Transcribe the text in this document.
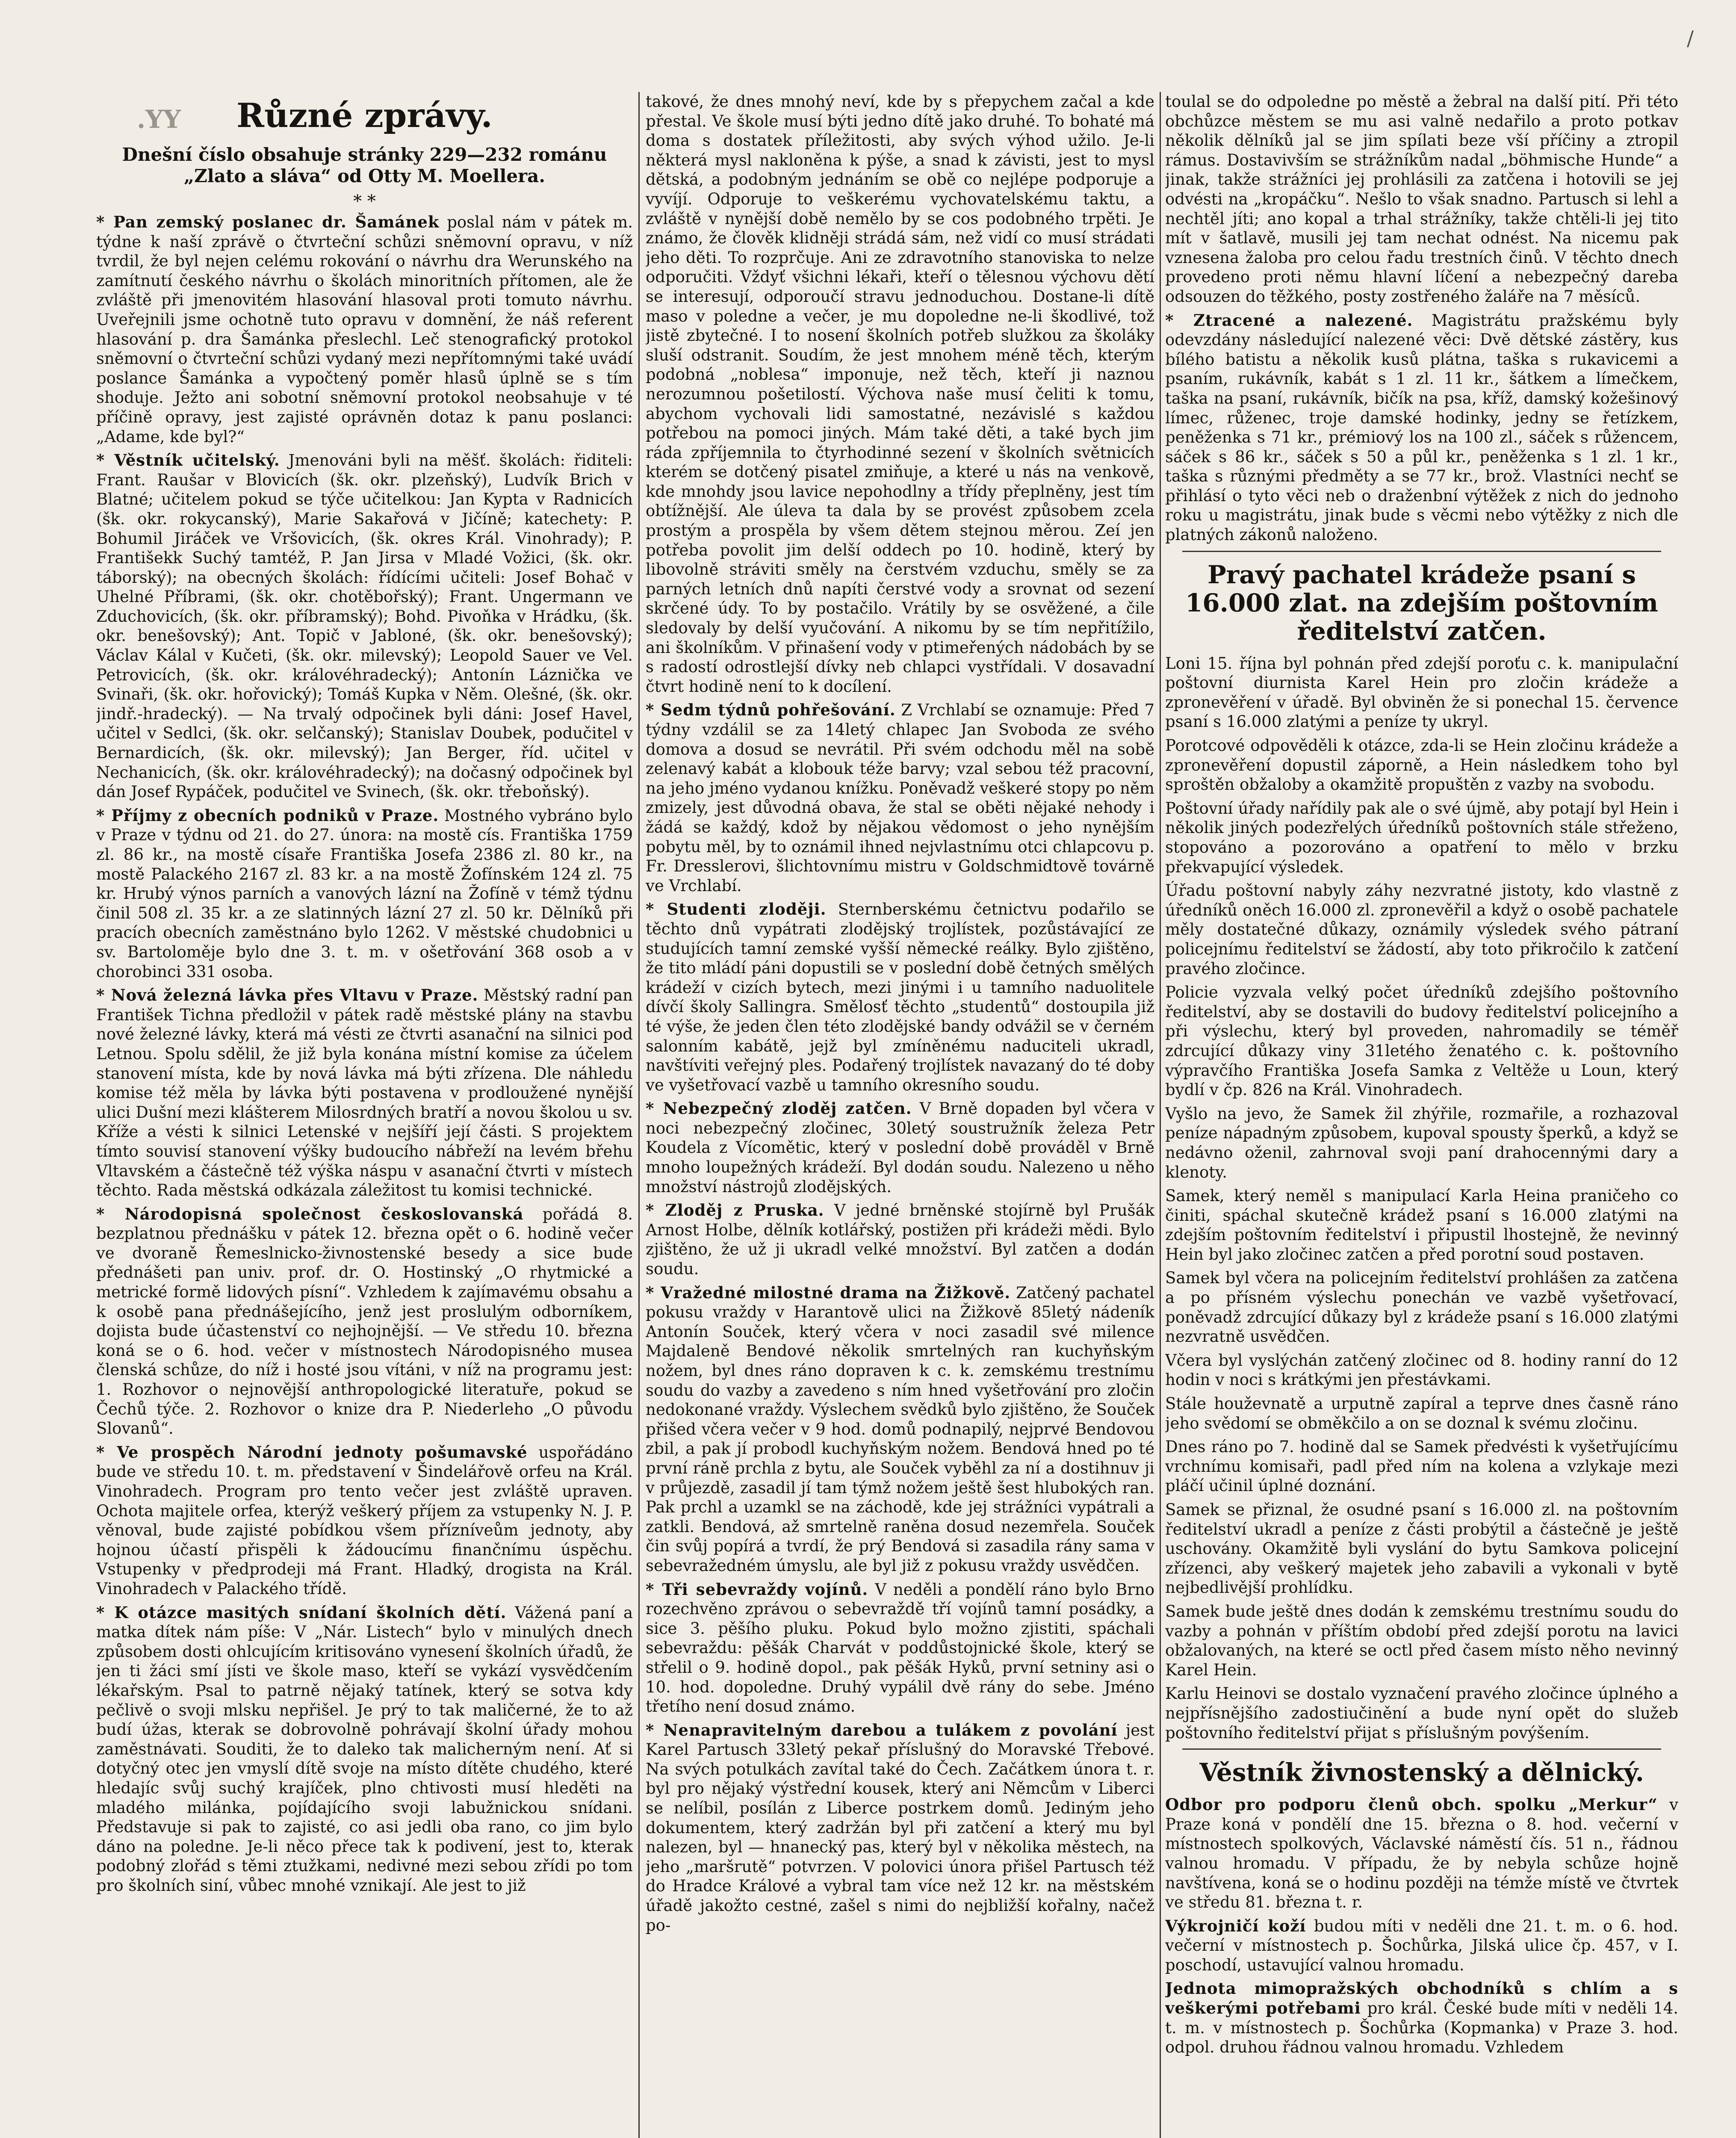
/
.YY	Různé zprávy.
Dnešní číslo obsahuje stránky 229—232 románu „Zlato a sláva“ od Otty M. Moellera.
* *

* Pan zemský poslanec dr. Šamánek poslal nám v pátek m. týdne k naší zprávě o čtvrteční schůzi sněmovní opravu, v níž tvrdil, že byl nejen celému rokování o návrhu dra Werunského na zamítnutí českého návrhu o školách minoritních přítomen, ale že zvláště při jmenovitém hlasování hlasoval proti tomuto návrhu. Uveřejnili jsme ochotně tuto opravu v domnění, že náš referent hlasování p. dra Šamánka přeslechl. Leč stenografický protokol sněmovní o čtvrteční schůzi vydaný mezi nepřítomnými také uvádí poslance Šamánka a vypočtený poměr hlasů úplně se s tím shoduje. Ježto ani sobotní sněmovní protokol neobsahuje v té příčině opravy, jest zajisté oprávněn dotaz k panu poslanci: „Adame, kde byl?“

* Věstník učitelský. Jmenováni byli na měšť. školách: řiditeli: Frant. Raušar v Blovicích (šk. okr. plzeňský), Ludvík Brich v Blatné; učitelem pokud se týče učitelkou: Jan Kypta v Radnicích (šk. okr. rokycanský), Marie Sakařová v Jičíně; katechety: P. Bohumil Jiráček ve Vršovicích, (šk. okres Král. Vinohrady); P. Františekk Suchý tamtéž, P. Jan Jirsa v Mladé Vožici, (šk. okr. táborský); na obecných školách: řídícími učiteli: Josef Bohač v Uhelné Příbrami, (šk. okr. chotěbořský); Frant. Ungermann ve Zduchovicích, (šk. okr. příbramský); Bohd. Pivoňka v Hrádku, (šk. okr. benešovský); Ant. Topič v Jabloné, (šk. okr. benešovský); Václav Kálal v Kučeti, (šk. okr. milevský); Leopold Sauer ve Vel. Petrovicích, (šk. okr. královéhradecký); Antonín Láznička ve Svinaři, (šk. okr. hořovický); Tomáš Kupka v Něm. Olešné, (šk. okr. jindř.-hradecký). — Na trvalý odpočinek byli dáni: Josef Havel, učitel v Sedlci, (šk. okr. selčanský); Stanislav Doubek, podučitel v Bernardicích, (šk. okr. milevský); Jan Berger, říd. učitel v Nechanicích, (šk. okr. královéhradecký); na dočasný odpočinek byl dán Josef Rypáček, podučitel ve Svinech, (šk. okr. třeboňský).

* Příjmy z obecních podniků v Praze. Mostného vybráno bylo v Praze v týdnu od 21. do 27. února: na mostě cís. Františka 1759 zl. 86 kr., na mostě císaře Františka Josefa 2386 zl. 80 kr., na mostě Palackého 2167 zl. 83 kr. a na mostě Žofínském 124 zl. 75 kr. Hrubý výnos parních a vanových lázní na Žofíně v témž týdnu činil 508 zl. 35 kr. a ze slatinných lázní 27 zl. 50 kr. Dělníků při pracích obecních zaměstnáno bylo 1262. V městské chudobnici u sv. Bartoloměje bylo dne 3. t. m. v ošetřování 368 osob a v chorobinci 331 osoba.

* Nová železná lávka přes Vltavu v Praze. Městský radní pan František Tichna předložil v pátek radě městské plány na stavbu nové železné lávky, která má vésti ze čtvrti asanační na silnici pod Letnou. Spolu sdělil, že již byla konána místní komise za účelem stanovení místa, kde by nová lávka má býti zřízena. Dle náhledu komise též měla by lávka býti postavena v prodloužené nynější ulici Dušní mezi klášterem Milosrdných bratří a novou školou u sv. Kříže a vésti k silnici Letenské v nejšíří její části. S projektem tímto souvisí stanovení výšky budoucího nábřeží na levém břehu Vltavském a částečně též výška náspu v asanační čtvrti v místech těchto. Rada městská odkázala záležitost tu komisi technické.

* Národopisná společnost českoslovanská pořádá 8. bezplatnou přednášku v pátek 12. března opět o 6. hodině večer ve dvoraně Řemeslnicko-živnostenské besedy a sice bude přednášeti pan univ. prof. dr. O. Hostinský „O rhytmické a metrické formě lidových písní“. Vzhledem k zajímavému obsahu a k osobě pana přednášejícího, jenž jest proslulým odborníkem, dojista bude účastenství co nejhojnější. — Ve středu 10. března koná se o 6. hod. večer v místnostech Národopisného musea členská schůze, do níž i hosté jsou vítáni, v níž na programu jest: 1. Rozhovor o nejnovější anthropologické literatuře, pokud se Čechů týče. 2. Rozhovor o knize dra P. Niederleho „O původu Slovanů“.

* Ve prospěch Národní jednoty pošumavské uspořádáno bude ve středu 10. t. m. představení v Šindelářově orfeu na Král. Vinohradech. Program pro tento večer jest zvláště upraven. Ochota majitele orfea, kterýž veškerý příjem za vstupenky N. J. P. věnoval, bude zajisté pobídkou všem přízníveům jednoty, aby hojnou účastí přispěli k žádoucímu finančnímu úspěchu. Vstupenky v předprodeji má Frant. Hladký, drogista na Král. Vinohradech v Palackého třídě.

* K otázce masitých snídaní školních dětí. Vážená paní a matka dítek nám píše: V „Nár. Listech“ bylo v minulých dnech způsobem dosti ohlcujícím kritisováno vynesení školních úřadů, že jen ti žáci smí jísti ve škole maso, kteří se vykází vysvědčením lékařským. Psal to patrně nějaký tatínek, který se sotva kdy pečlivě o svoji mlsku nepřišel. Je prý to tak maličerné, že to až budí úžas, kterak se dobrovolně pohrávají školní úřady mohou zaměstnávati. Souditi, že to daleko tak malicherným není. Ať si dotyčný otec jen vmyslí dítě svoje na místo dítěte chudého, které hledajíc svůj suchý krajíček, plno chtivosti musí hleděti na mladého milánka, pojídajícího svoji labužnickou snídani. Představuje si pak to zajisté, co asi jedli oba rano, co jim bylo dáno na poledne. Je-li něco přece tak k podivení, jest to, kterak podobný zlořád s těmi ztužkami, nedivné mezi sebou zřídi po tom pro školních siní, vůbec mnohé vznikají. Ale jest to již

takové, že dnes mnohý neví, kde by s přepychem začal a kde přestal. Ve škole musí býti jedno dítě jako druhé. To bohaté má doma s dostatek příležitosti, aby svých výhod užilo. Je-li některá mysl nakloněna k pýše, a snad k závisti, jest to mysl dětská, a podobným jednáním se obě co nejlépe podporuje a vyvíjí. Odporuje to veškerému vychovatelskému taktu, a zvláště v nynější době nemělo by se cos podobného trpěti. Je známo, že člověk klidněji strádá sám, než vidí co musí strádati jeho děti. To rozprčuje. Ani ze zdravotního stanoviska to nelze odporučiti. Vždyť všichni lékaři, kteří o tělesnou výchovu dětí se interesují, odporoučí stravu jednoduchou. Dostane-li dítě maso v poledne a večer, je mu dopoledne ne-li škodlivé, tož jistě zbytečné. I to nosení školních potřeb služkou za školáky sluší odstranit. Soudím, že jest mnohem méně těch, kterým podobná „noblesa“ imponuje, než těch, kteří ji naznou nerozumnou pošetilostí. Výchova naše musí čeliti k tomu, abychom vychovali lidi samostatné, nezávislé s každou potřebou na pomoci jiných. Mám také děti, a také bych jim ráda zpříjemnila to čtyrhodinné sezení v školních světnicích kterém se dotčený pisatel zmiňuje, a které u nás na venkově, kde mnohdy jsou lavice nepohodlny a třídy přeplněny, jest tím obtížnější. Ale úleva ta dala by se provést způsobem zcela prostým a prospěla by všem dětem stejnou měrou. Zeí jen potřeba povolit jim delší oddech po 10. hodině, který by libovolně stráviti směly na čerstvém vzduchu, směly se za parných letních dnů napíti čerstvé vody a srovnat od sezení skrčené údy. To by postačilo. Vrátily by se osvěžené, a čile sledovaly by delší vyučování. A nikomu by se tím nepřitížilo, ani školníkům. V přinašení vody v ptimeřených nádobách by se s radostí odrostlejší dívky neb chlapci vystřídali. V dosavadní čtvrt hodině není to k docílení.

* Sedm týdnů pohřešování. Z Vrchlabí se oznamuje: Před 7 týdny vzdálil se za 14letý chlapec Jan Svoboda ze svého domova a dosud se nevrátil. Při svém odchodu měl na sobě zelenavý kabát a klobouk téže barvy; vzal sebou též pracovní, na jeho jméno vydanou knížku. Poněvadž veškeré stopy po něm zmizely, jest důvodná obava, že stal se oběti nějaké nehody i žádá se každý, kdož by nějakou vědomost o jeho nynějším pobytu měl, by to oznámil ihned nejvlastnímu otci chlapcovu p. Fr. Dresslerovi, šlichtovnímu mistru v Goldschmidtově továrně ve Vrchlabí.

* Studenti zloději. Sternberskému četnictvu podařilo se těchto dnů vypátrati zlodějský trojlístek, pozůstávající ze studujících tamní zemské vyšší německé reálky. Bylo zjištěno, že tito mládí páni dopustili se v poslední době četných smělých krádeží v cizích bytech, mezi jinými i u tamního naduolitele dívčí školy Sallingra. Smělosť těchto „studentů“ dostoupila již té výše, že jeden člen této zlodějské bandy odvážil se v černém salonním kabátě, jejž byl zmíněnému naduciteli ukradl, navštíviti veřejný ples. Podařený trojlístek navazaný do té doby ve vyšetřovací vazbě u tamního okresního soudu.

* Nebezpečný zloděj zatčen. V Brně dopaden byl včera v noci nebezpečný zločinec, 30letý soustružník železa Petr Koudela z Vícomětic, který v poslední době prováděl v Brně mnoho loupežných krádeží. Byl dodán soudu. Nalezeno u něho množství nástrojů zlodějských.

* Zloděj z Pruska. V jedné brněnské stojírně byl Prušák Arnost Holbe, dělník kotlářský, postižen při krádeži mědi. Bylo zjištěno, že už ji ukradl velké množství. Byl zatčen a dodán soudu.

* Vražedné milostné drama na Žižkově. Zatčený pachatel pokusu vraždy v Harantově ulici na Žižkově 85letý nádeník Antonín Souček, který včera v noci zasadil své milence Majdaleně Bendové několik smrtelných ran kuchyňským nožem, byl dnes ráno dopraven k c. k. zemskému trestnímu soudu do vazby a zavedeno s ním hned vyšetřování pro zločin nedokonané vraždy. Výslechem svědků bylo zjištěno, že Souček přišed včera večer v 9 hod. domů podnapilý, nejprvé Bendovou zbil, a pak jí probodl kuchyňským nožem. Bendová hned po té první ráně prchla z bytu, ale Souček vyběhl za ní a dostihnuv ji v průjezdě, zasadil jí tam týmž nožem ještě šest hlubokých ran. Pak prchl a uzamkl se na záchodě, kde jej strážníci vypátrali a zatkli. Bendová, až smrtelně raněna dosud nezemřela. Souček čin svůj popírá a tvrdí, že prý Bendová si zasadila rány sama v sebevražedném úmyslu, ale byl již z pokusu vraždy usvědčen.

* Tři sebevraždy vojínů. V neděli a pondělí ráno bylo Brno rozechvěno zprávou o sebevraždě tří vojínů tamní posádky, a sice 3. pěšího pluku. Pokud bylo možno zjistiti, spáchali sebevraždu: pěšák Charvát v poddůstojnické škole, který se střelil o 9. hodině dopol., pak pěšák Hyků, první setniny asi o 10. hod. dopoledne. Druhý vypálil dvě rány do sebe. Jméno třetího není dosud známo.

* Nenapravitelným darebou a tulákem z povolání jest Karel Partusch 33letý pekař příslušný do Moravské Třebové. Na svých potulkách zavítal také do Čech. Začátkem února t. r. byl pro nějaký výstřední kousek, který ani Němcům v Liberci se nelíbil, posílán z Liberce postrkem domů. Jediným jeho dokumentem, který zadržán byl při zatčení a který mu byl nalezen, byl — hnanecký pas, který byl v několika městech, na jeho „maršrutě“ potvrzen. V polovici února přišel Partusch též do Hradce Králové a vybral tam více než 12 kr. na městském úřadě jakožto cestné, zašel s nimi do nejbližší kořalny, načež po-

toulal se do odpoledne po městě a žebral na další pití. Při této obchůzce městem se mu asi valně nedařilo a proto potkav několik dělníků jal se jim spílati beze vší příčiny a ztropil rámus. Dostavivším se strážníkům nadal „böhmische Hunde“ a jinak, takže strážníci jej prohlásili za zatčena i hotovili se jej odvésti na „kropáčku“. Nešlo to však snadno. Partusch si lehl a nechtěl jíti; ano kopal a trhal strážníky, takže chtěli-li jej tito mít v šatlavě, musili jej tam nechat odnést. Na nicemu pak vznesena žaloba pro celou řadu trestních činů. V těchto dnech provedeno proti němu hlavní líčení a nebezpečný dareba odsouzen do těžkého, posty zostřeného žaláře na 7 měsíců.

* Ztracené a nalezené. Magistrátu pražskému byly odevzdány následující nalezené věci: Dvě dětské zástěry, kus bílého batistu a několik kusů plátna, taška s rukavicemi a psaním, rukávník, kabát s 1 zl. 11 kr., šátkem a límečkem, taška na psaní, rukávník, bičík na psa, kříž, damský kožešinový límec, růženec, troje damské hodinky, jedny se řetízkem, peněženka s 71 kr., prémiový los na 100 zl., sáček s růžencem, sáček s 86 kr., sáček s 50 a půl kr., peněženka s 1 zl. 1 kr., taška s různými předměty a se 77 kr., brož. Vlastníci nechť se přihlásí o tyto věci neb o draženbní výtěžek z nich do jednoho roku u magistrátu, jinak bude s věcmi nebo výtěžky z nich dle platných zákonů naloženo.

Pravý pachatel krádeže psaní s 16.000 zlat. na zdejším poštovním ředitelství zatčen.

Loni 15. října byl pohnán před zdejší poroťu c. k. manipulační poštovní diurnista Karel Hein pro zločin krádeže a zpronevěření v úřadě. Byl obviněn že si ponechal 15. července psaní s 16.000 zlatými a peníze ty ukryl.

Porotcové odpověděli k otázce, zda-li se Hein zločinu krádeže a zpronevěření dopustil záporně, a Hein následkem toho byl sproštěn obžaloby a okamžitě propuštěn z vazby na svobodu.

Poštovní úřady nařídily pak ale o své újmě, aby potají byl Hein i několik jiných podezřelých úředníků poštovních stále střeženo, stopováno a pozorováno a opatření to mělo v brzku překvapující výsledek.

Úřadu poštovní nabyly záhy nezvratné jistoty, kdo vlastně z úředníků oněch 16.000 zl. zpronevěřil a když o osobě pachatele měly dostatečné důkazy, oznámily výsledek svého pátraní policejnímu ředitelství se žádostí, aby toto přikročilo k zatčení pravého zločince.

Policie vyzvala velký počet úředníků zdejšího poštovního ředitelství, aby se dostavili do budovy ředitelství policejního a při výslechu, který byl proveden, nahromadily se téměř zdrcující důkazy viny 31letého ženatého c. k. poštovního výpravčího Františka Josefa Samka z Veltěže u Loun, který bydlí v čp. 826 na Král. Vinohradech.

Vyšlo na jevo, že Samek žil zhýřile, rozmařile, a rozhazoval peníze nápadným způsobem, kupoval spousty šperků, a když se nedávno oženil, zahrnoval svoji paní drahocennými dary a klenoty.

Samek, který neměl s manipulací Karla Heina praničeho co činiti, spáchal skutečně krádež psaní s 16.000 zlatými na zdejším poštovním ředitelství i připustil lhostejně, že nevinný Hein byl jako zločinec zatčen a před porotní soud postaven.

Samek byl včera na policejním ředitelství prohlášen za zatčena a po přísném výslechu ponechán ve vazbě vyšetřovací, poněvadž zdrcující důkazy byl z krádeže psaní s 16.000 zlatými nezvratně usvědčen.

Včera byl vyslýchán zatčený zločinec od 8. hodiny ranní do 12 hodin v noci s krátkými jen přestávkami.

Stále houževnatě a urputně zapíral a teprve dnes časně ráno jeho svědomí se obměkčilo a on se doznal k svému zločinu.

Dnes ráno po 7. hodině dal se Samek předvésti k vyšetřujícímu vrchnímu komisaři, padl před ním na kolena a vzlykaje mezi pláčí učinil úplné doznání.

Samek se přiznal, že osudné psaní s 16.000 zl. na poštovním ředitelství ukradl a peníze z části probýtil a částečně je ještě uschovány. Okamžitě byli vyslání do bytu Samkova policejní zřízenci, aby veškerý majetek jeho zabavili a vykonali v bytě nejbedlivější prohlídku.

Samek bude ještě dnes dodán k zemskému trestnímu soudu do vazby a pohnán v příštím období před zdejší porotu na lavici obžalovaných, na které se octl před časem místo něho nevinný Karel Hein.

Karlu Heinovi se dostalo vyznačení pravého zločince úplného a nejpřísnějšího zadostiučinění a bude nyní opět do služeb poštovního ředitelství přijat s příslušným povýšením.

Věstník živnostenský a dělnický.

Odbor pro podporu členů obch. spolku „Merkur“ v Praze koná v pondělí dne 15. března o 8. hod. večerní v místnostech spolkových, Václavské náměstí čís. 51 n., řádnou valnou hromadu. V případu, že by nebyla schůze hojně navštívena, koná se o hodinu později na témže místě ve čtvrtek ve středu 81. března t. r.

Výkrojničí koží budou míti v neděli dne 21. t. m. o 6. hod. večerní v místnostech p. Šochůrka, Jilská ulice čp. 457, v I. poschodí, ustavující valnou hromadu.

Jednota mimopražských obchodníků s chlím a s veškerými potřebami pro král. České bude míti v neděli 14. t. m. v místnostech p. Šochůrka (Kopmanka) v Praze 3. hod. odpol. druhou řádnou valnou hromadu. Vzhledem
